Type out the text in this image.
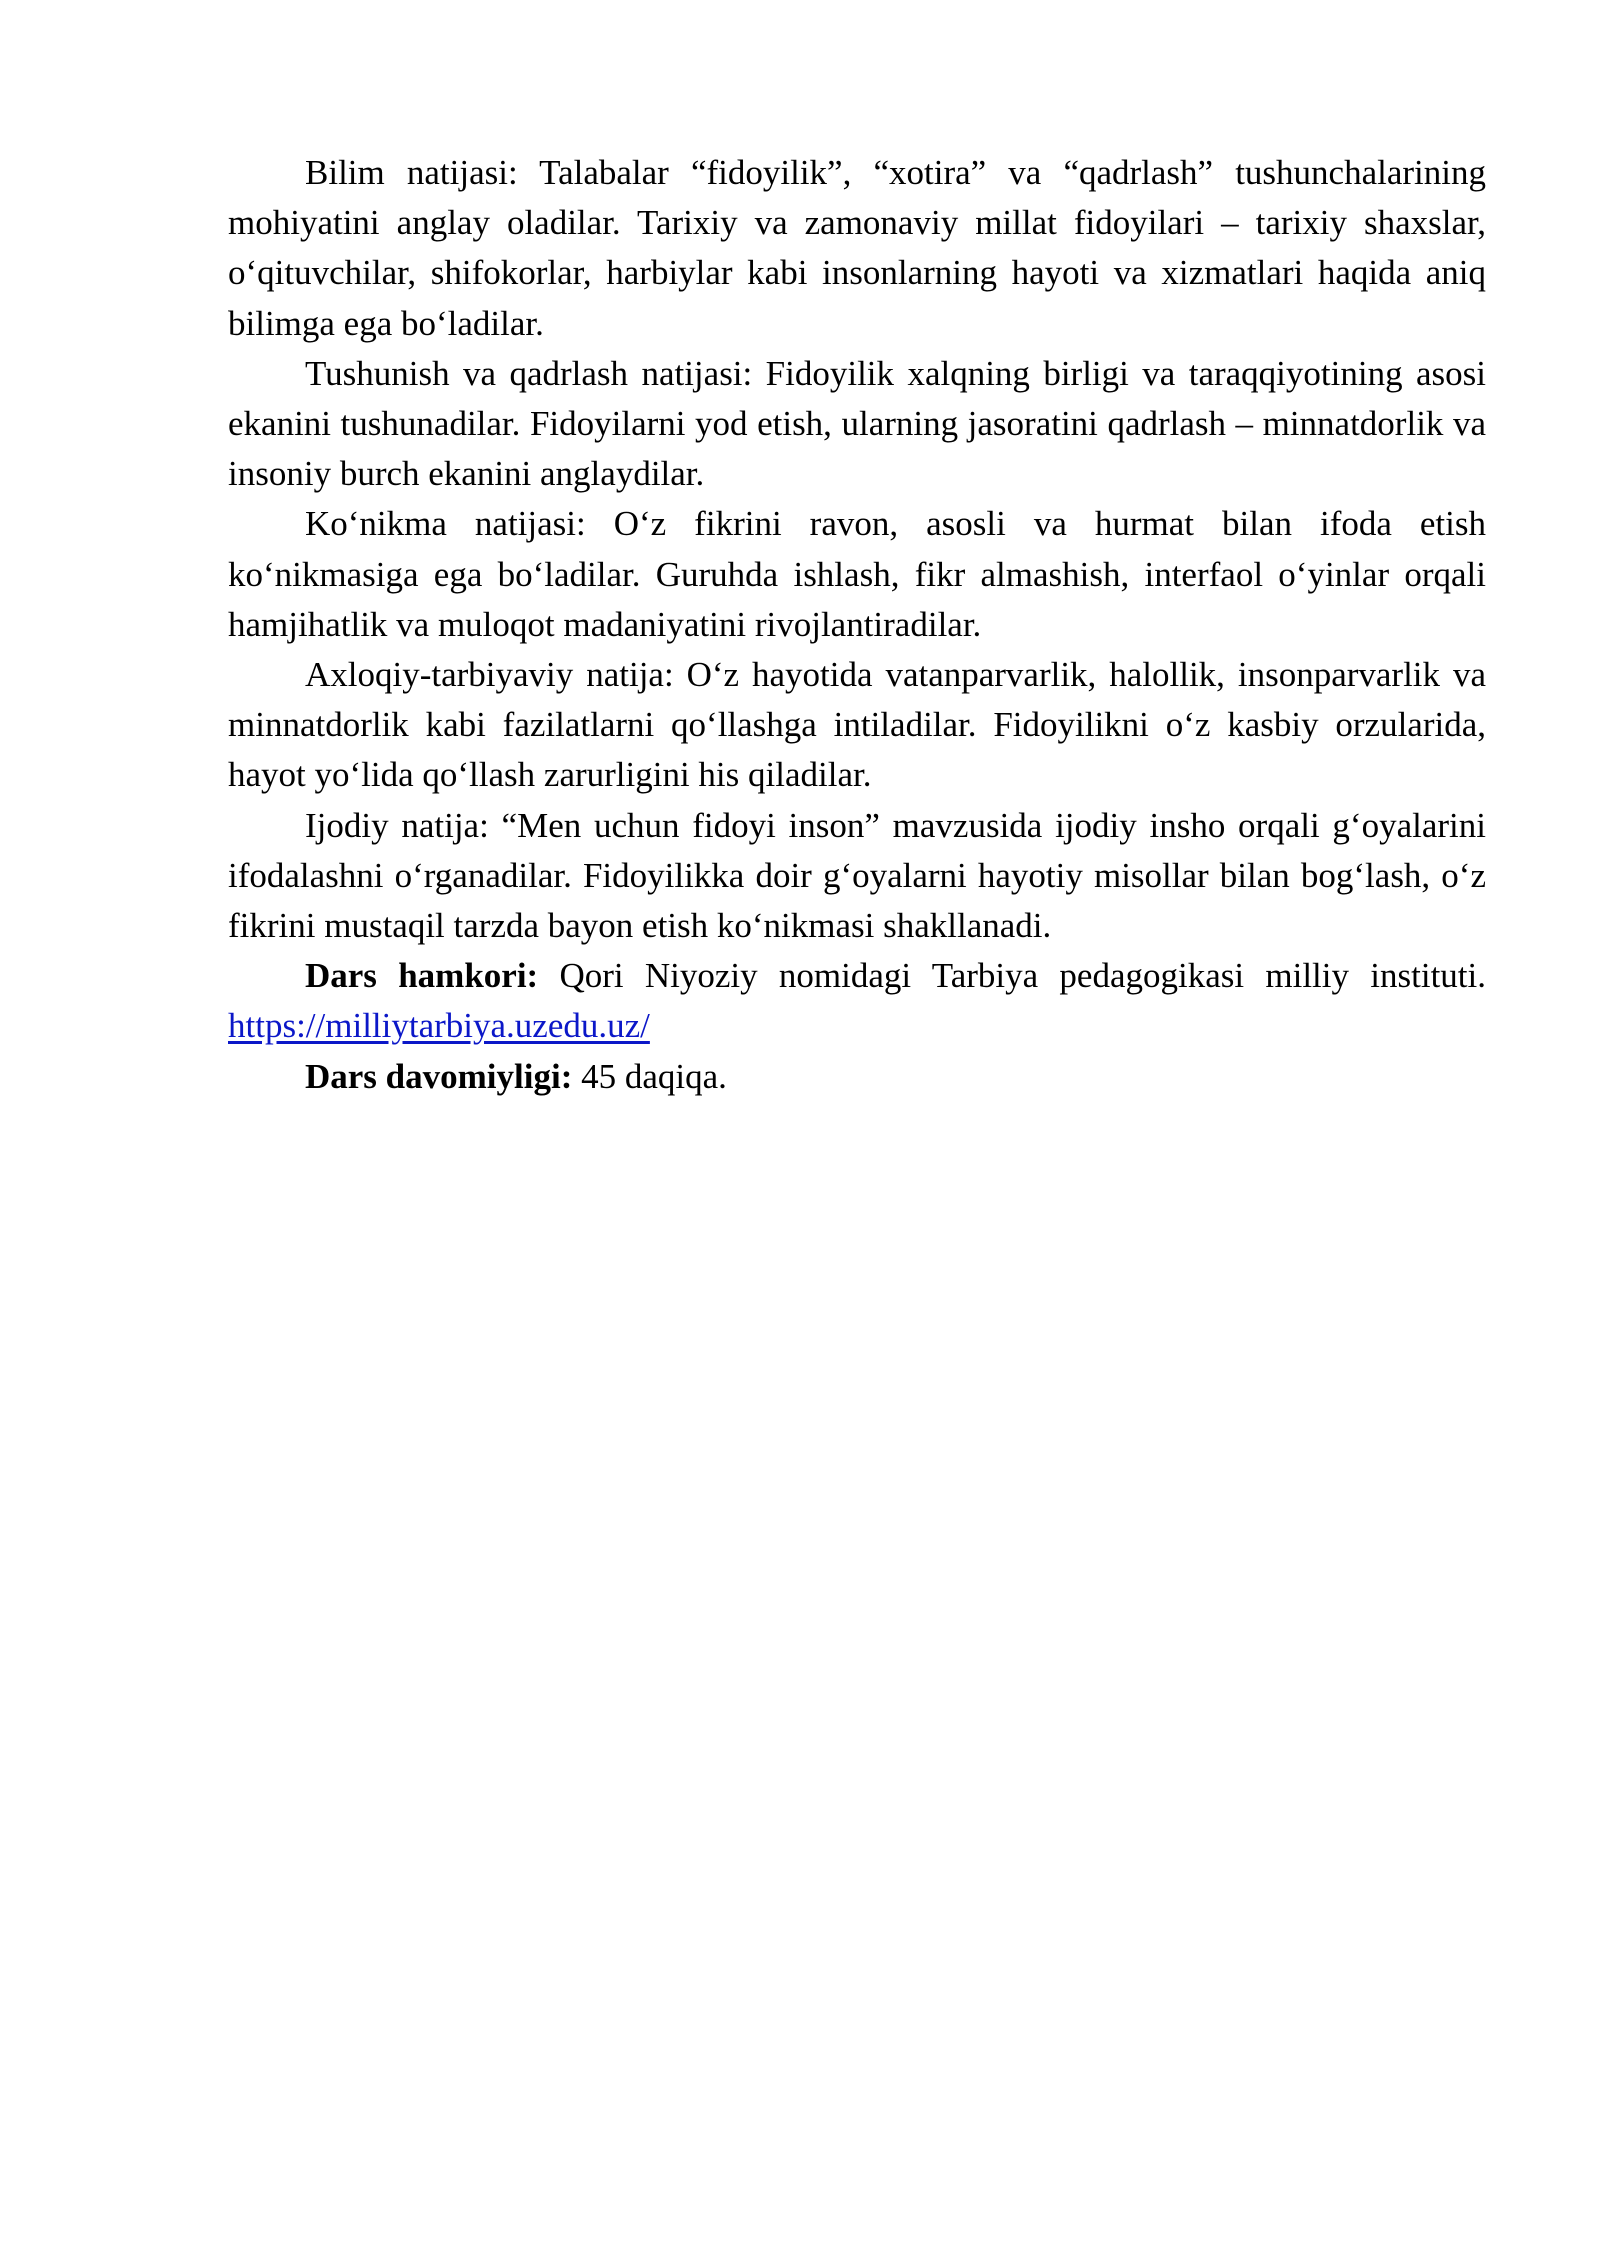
Bilim natijasi: Talabalar “fidoyilik”, “xotira” va “qadrlash” tushunchalarining mohiyatini anglay oladilar. Tarixiy va zamonaviy millat fidoyilari – tarixiy shaxslar, o‘qituvchilar, shifokorlar, harbiylar kabi insonlarning hayoti va xizmatlari haqida aniq bilimga ega bo‘ladilar.

Tushunish va qadrlash natijasi: Fidoyilik xalqning birligi va taraqqiyotining asosi ekanini tushunadilar. Fidoyilarni yod etish, ularning jasoratini qadrlash – minnatdorlik va insoniy burch ekanini anglaydilar.

Ko‘nikma natijasi: O‘z fikrini ravon, asosli va hurmat bilan ifoda etish ko‘nikmasiga ega bo‘ladilar. Guruhda ishlash, fikr almashish, interfaol o‘yinlar orqali hamjihatlik va muloqot madaniyatini rivojlantiradilar.

Axloqiy-tarbiyaviy natija: O‘z hayotida vatanparvarlik, halollik, insonparvarlik va minnatdorlik kabi fazilatlarni qo‘llashga intiladilar. Fidoyilikni o‘z kasbiy orzularida, hayot yo‘lida qo‘llash zarurligini his qiladilar.

Ijodiy natija: “Men uchun fidoyi inson” mavzusida ijodiy insho orqali g‘oyalarini ifodalashni o‘rganadilar. Fidoyilikka doir g‘oyalarni hayotiy misollar bilan bog‘lash, o‘z fikrini mustaqil tarzda bayon etish ko‘nikmasi shakllanadi.

Dars hamkori: Qori Niyoziy nomidagi Tarbiya pedagogikasi milliy instituti. https://milliytarbiya.uzedu.uz/

Dars davomiyligi: 45 daqiqa.
